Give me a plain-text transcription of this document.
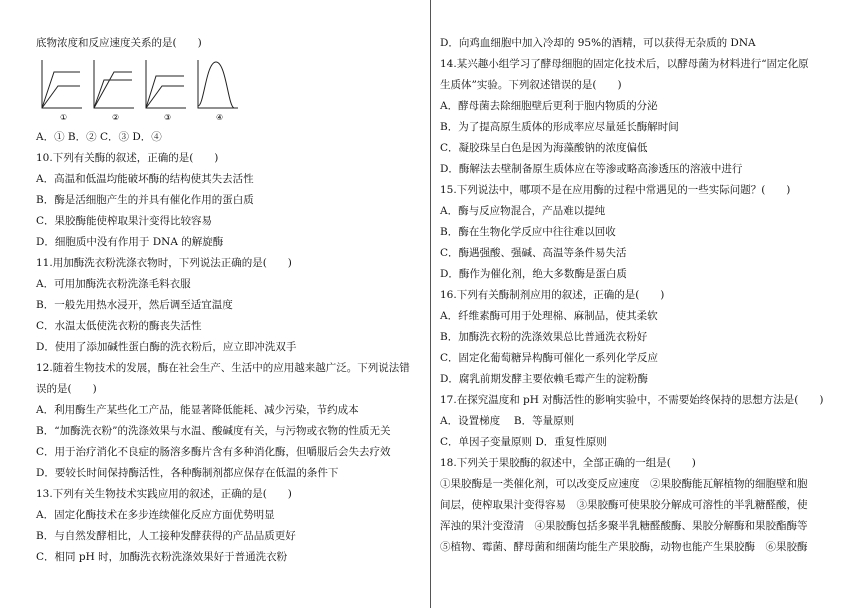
底物浓度和反应速度关系的是(　　)
①	②	③	④
A．① B．② C．③ D．④
10.下列有关酶的叙述，正确的是(　　)
A．高温和低温均能破坏酶的结构使其失去活性
B．酶是活细胞产生的并具有催化作用的蛋白质
C．果胶酶能使榨取果汁变得比较容易
D．细胞质中没有作用于 DNA 的解旋酶
11.用加酶洗衣粉洗涤衣物时，下列说法正确的是(　　)
A．可用加酶洗衣粉洗涤毛料衣服
B．一般先用热水浸开，然后调至适宜温度
C．水温太低使洗衣粉的酶丧失活性
D．使用了添加碱性蛋白酶的洗衣粉后，应立即冲洗双手
12.随着生物技术的发展，酶在社会生产、生活中的应用越来越广泛。下列说法错
误的是(　　)
A．利用酶生产某些化工产品，能显著降低能耗、减少污染，节约成本
B．“加酶洗衣粉”的洗涤效果与水温、酸碱度有关，与污物或衣物的性质无关
C．用于治疗消化不良症的肠溶多酶片含有多种消化酶，但嚼服后会失去疗效
D．要较长时间保持酶活性，各种酶制剂都应保存在低温的条件下
13.下列有关生物技术实践应用的叙述，正确的是(　　)
A．固定化酶技术在多步连续催化反应方面优势明显
B．与自然发酵相比，人工接种发酵获得的产品品质更好
C．相同 pH 时，加酶洗衣粉洗涤效果好于普通洗衣粉
D．向鸡血细胞中加入冷却的 95%的酒精，可以获得无杂质的 DNA
14.某兴趣小组学习了酵母细胞的固定化技术后，以酵母菌为材料进行“固定化原
生质体”实验。下列叙述错误的是(　　)
A．酵母菌去除细胞壁后更利于胞内物质的分泌
B．为了提高原生质体的形成率应尽量延长酶解时间
C．凝胶珠呈白色是因为海藻酸钠的浓度偏低
D．酶解法去壁制备原生质体应在等渗或略高渗透压的溶液中进行
15.下列说法中，哪项不是在应用酶的过程中常遇见的一些实际问题？(　　)
A．酶与反应物混合，产品难以提纯
B．酶在生物化学反应中往往难以回收
C．酶遇强酸、强碱、高温等条件易失活
D．酶作为催化剂，绝大多数酶是蛋白质
16.下列有关酶制剂应用的叙述，正确的是(　　)
A．纤维素酶可用于处理棉、麻制品，使其柔软
B．加酶洗衣粉的洗涤效果总比普通洗衣粉好
C．固定化葡萄糖异构酶可催化一系列化学反应
D．腐乳前期发酵主要依赖毛霉产生的淀粉酶
17.在探究温度和 pH 对酶活性的影响实验中，不需要始终保持的思想方法是(　　)
A．设置梯度　 B．等量原则
C．单因子变量原则 D．重复性原则
18.下列关于果胶酶的叙述中，全部正确的一组是(　　)
①果胶酶是一类催化剂，可以改变反应速度　②果胶酶能瓦解植物的细胞壁和胞
间层，使榨取果汁变得容易　③果胶酶可使果胶分解成可溶性的半乳糖醛酸，使
浑浊的果汁变澄清　④果胶酶包括多聚半乳糖醛酸酶、果胶分解酶和果胶酯酶等
⑤植物、霉菌、酵母菌和细菌均能生产果胶酶，动物也能产生果胶酶　⑥果胶酶
